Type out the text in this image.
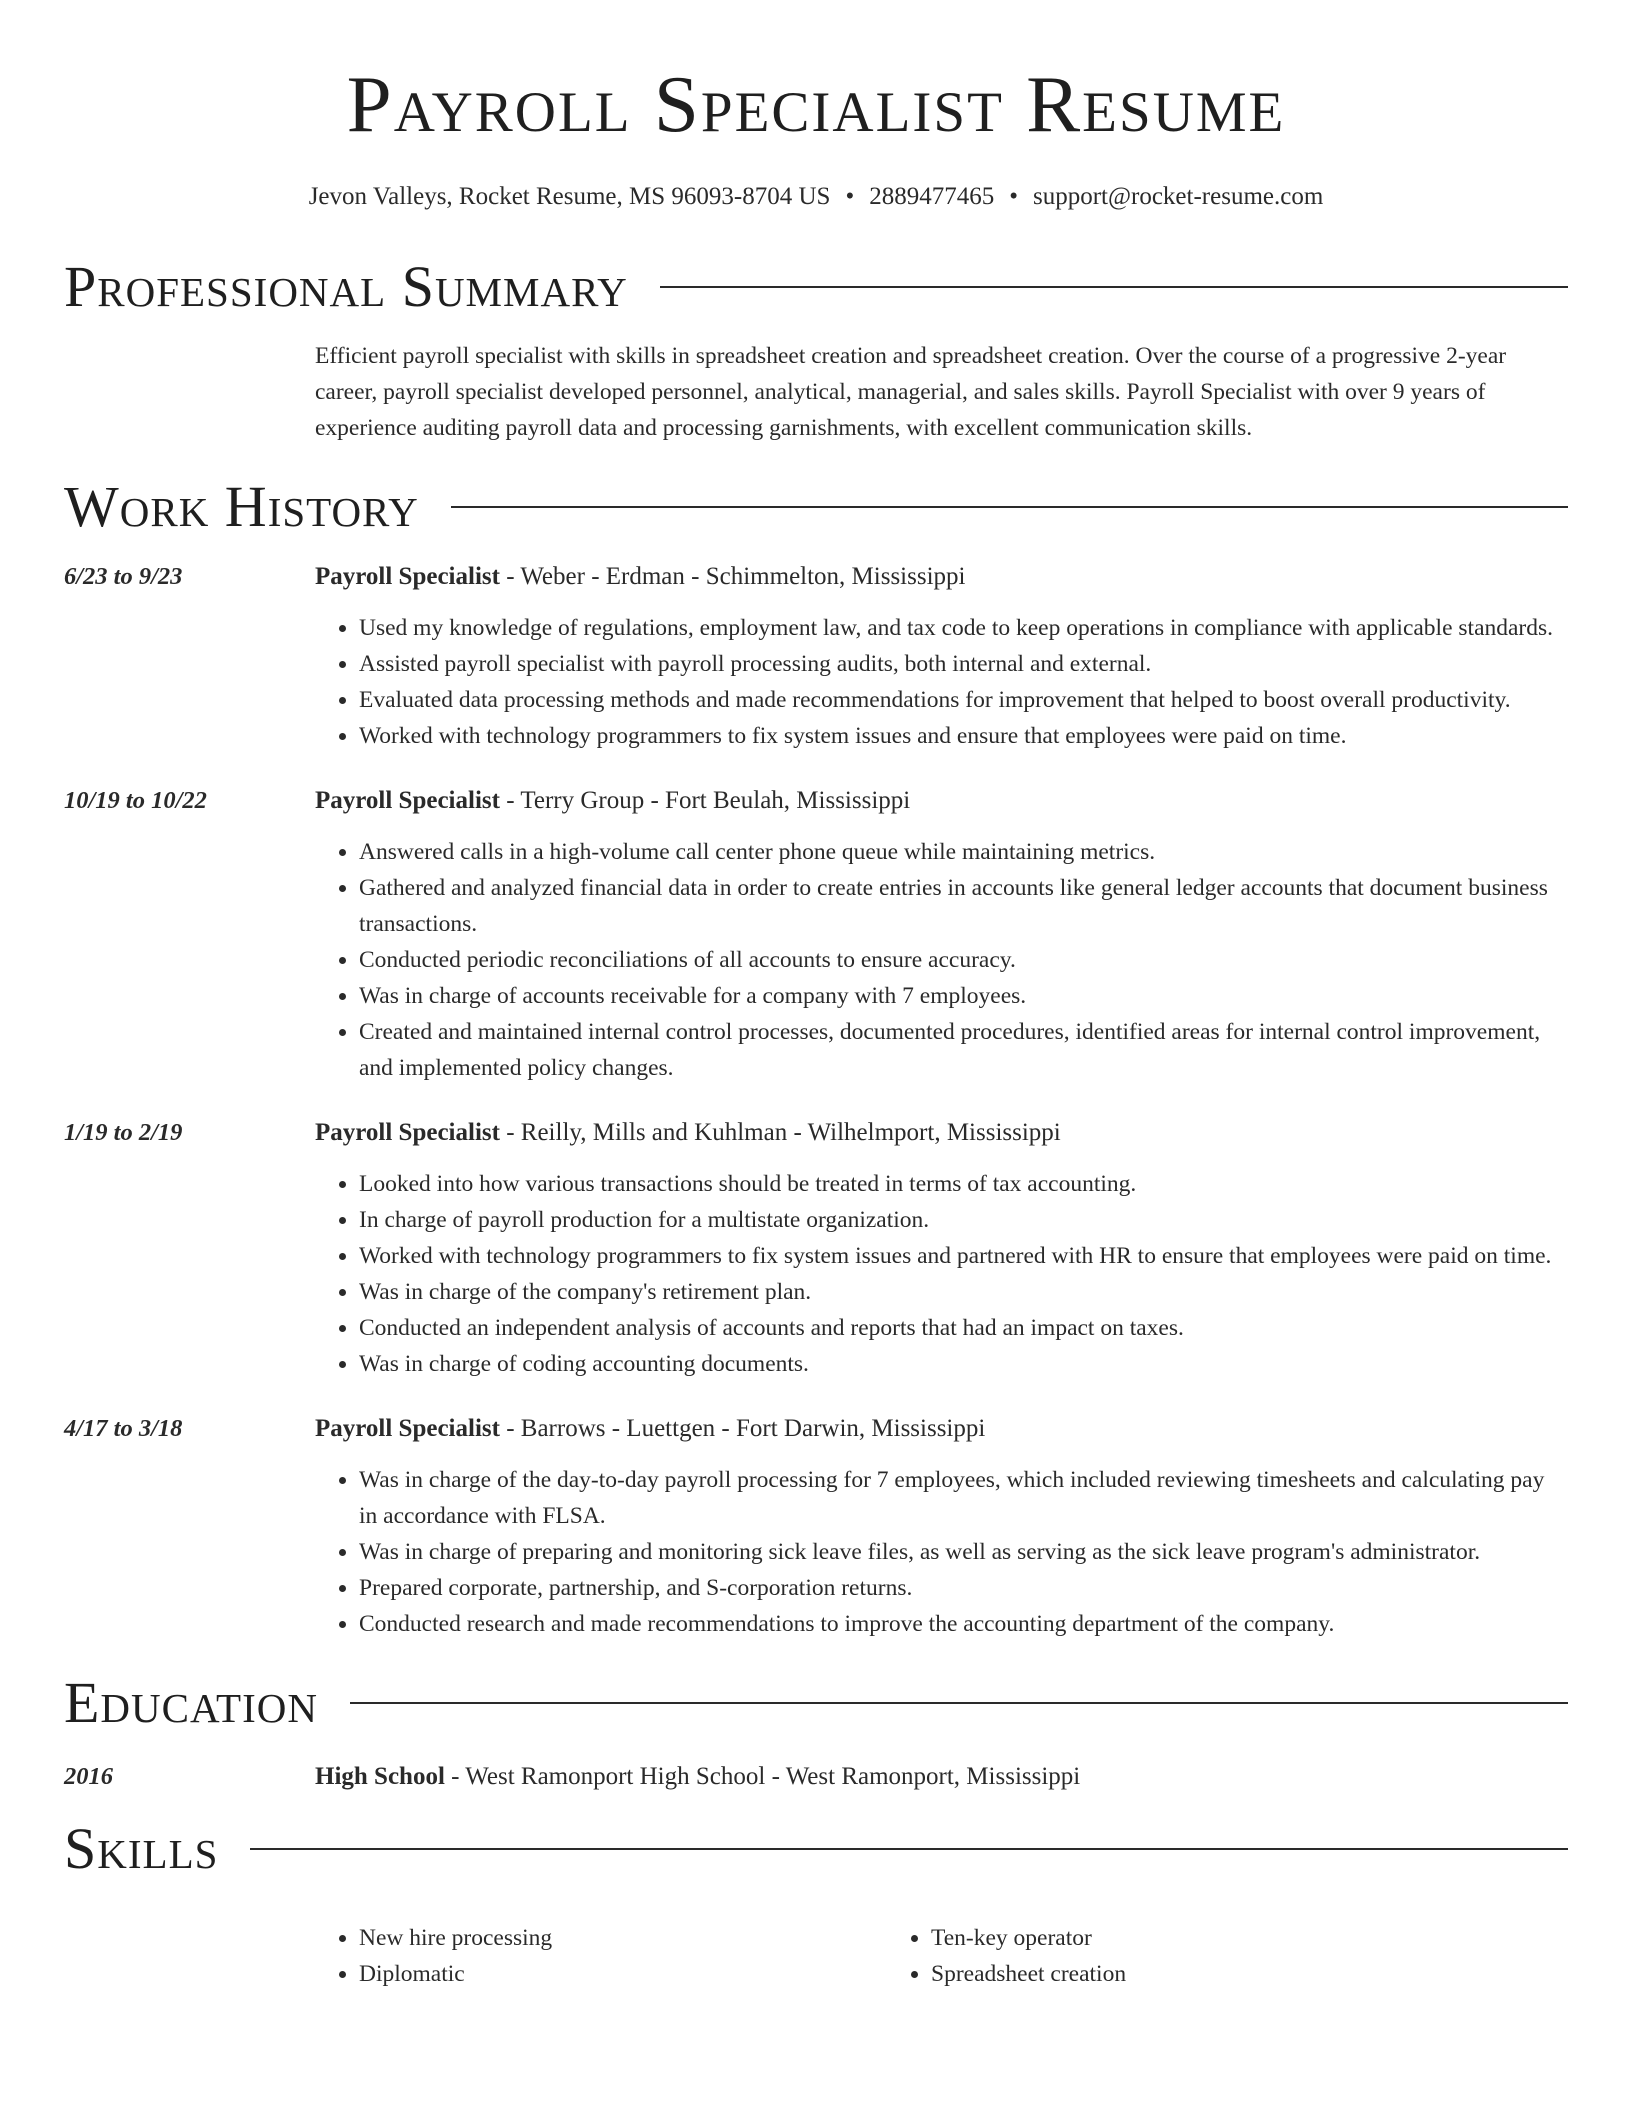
Payroll Specialist Resume
Jevon Valleys, Rocket Resume, MS 96093-8704 US • 2889477465 • support@rocket-resume.com
Professional Summary
Efficient payroll specialist with skills in spreadsheet creation and spreadsheet creation. Over the course of a progressive 2-year career, payroll specialist developed personnel, analytical, managerial, and sales skills. Payroll Specialist with over 9 years of experience auditing payroll data and processing garnishments, with excellent communication skills.
Work History
6/23 to 9/23	Payroll Specialist - Weber - Erdman - Schimmelton, Mississippi
• Used my knowledge of regulations, employment law, and tax code to keep operations in compliance with applicable standards.
• Assisted payroll specialist with payroll processing audits, both internal and external.
• Evaluated data processing methods and made recommendations for improvement that helped to boost overall productivity.
• Worked with technology programmers to fix system issues and ensure that employees were paid on time.
10/19 to 10/22	Payroll Specialist - Terry Group - Fort Beulah, Mississippi
• Answered calls in a high-volume call center phone queue while maintaining metrics.
• Gathered and analyzed financial data in order to create entries in accounts like general ledger accounts that document business transactions.
• Conducted periodic reconciliations of all accounts to ensure accuracy.
• Was in charge of accounts receivable for a company with 7 employees.
• Created and maintained internal control processes, documented procedures, identified areas for internal control improvement, and implemented policy changes.
1/19 to 2/19	Payroll Specialist - Reilly, Mills and Kuhlman - Wilhelmport, Mississippi
• Looked into how various transactions should be treated in terms of tax accounting.
• In charge of payroll production for a multistate organization.
• Worked with technology programmers to fix system issues and partnered with HR to ensure that employees were paid on time.
• Was in charge of the company's retirement plan.
• Conducted an independent analysis of accounts and reports that had an impact on taxes.
• Was in charge of coding accounting documents.
4/17 to 3/18	Payroll Specialist - Barrows - Luettgen - Fort Darwin, Mississippi
• Was in charge of the day-to-day payroll processing for 7 employees, which included reviewing timesheets and calculating pay in accordance with FLSA.
• Was in charge of preparing and monitoring sick leave files, as well as serving as the sick leave program's administrator.
• Prepared corporate, partnership, and S-corporation returns.
• Conducted research and made recommendations to improve the accounting department of the company.
Education
2016	High School - West Ramonport High School - West Ramonport, Mississippi
Skills
• New hire processing
• Diplomatic
• Ten-key operator
• Spreadsheet creation
